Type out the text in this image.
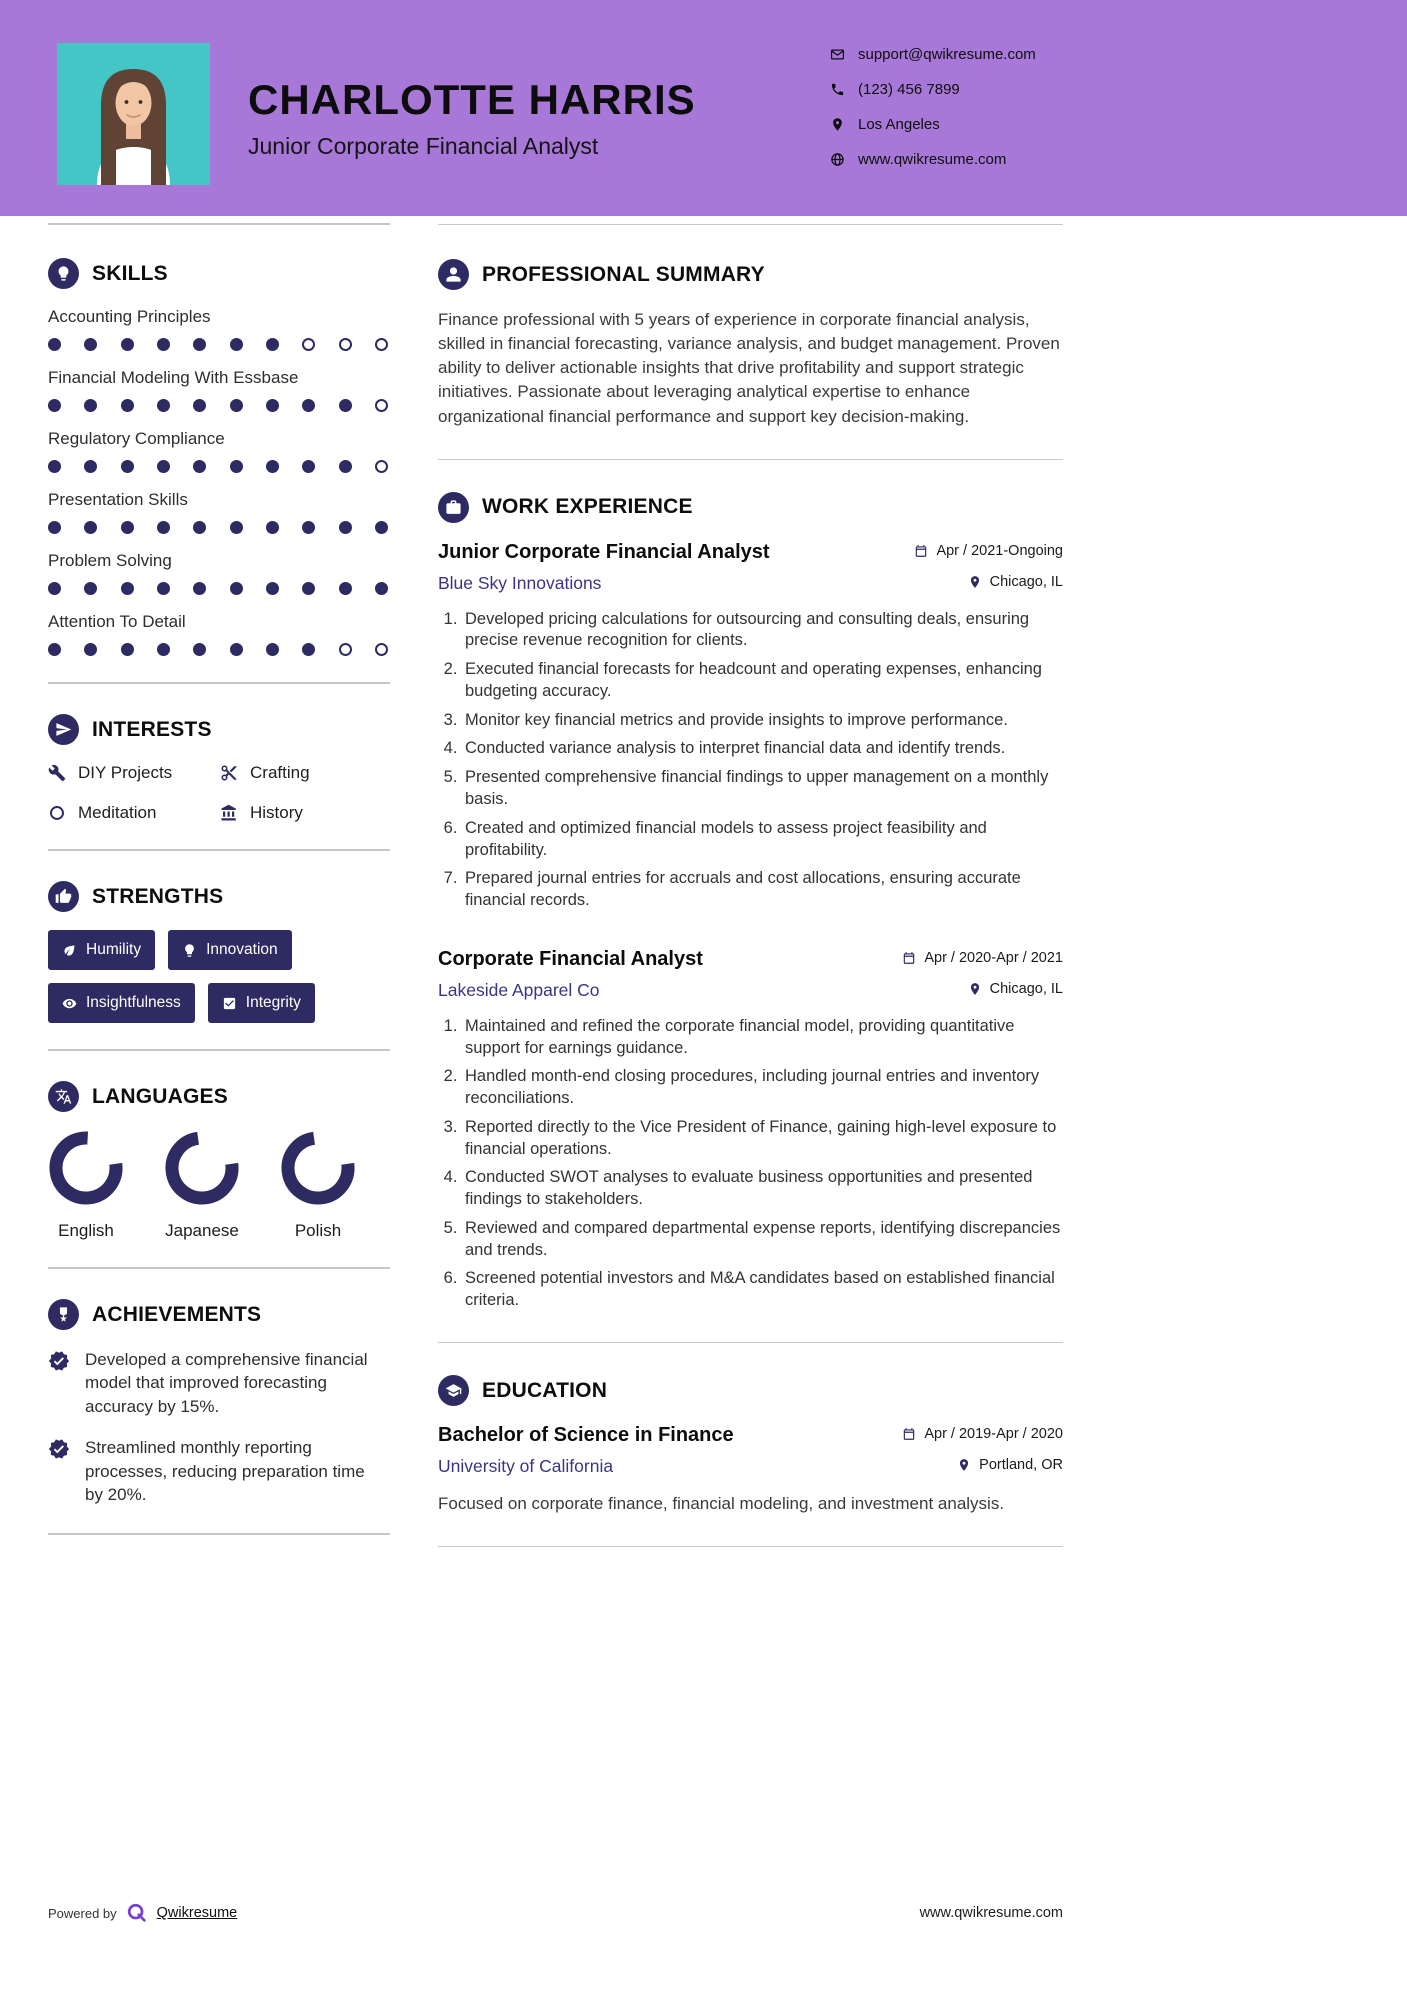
CHARLOTTE HARRIS
Junior Corporate Financial Analyst
support@qwikresume.com
(123) 456 7899
Los Angeles
www.qwikresume.com
SKILLS
Accounting Principles
Financial Modeling With Essbase
Regulatory Compliance
Presentation Skills
Problem Solving
Attention To Detail
INTERESTS
DIY Projects	Crafting
Meditation	History
STRENGTHS
Humility	Innovation
Insightfulness	Integrity
LANGUAGES
English	Japanese	Polish
ACHIEVEMENTS
Developed a comprehensive financial model that improved forecasting accuracy by 15%.
Streamlined monthly reporting processes, reducing preparation time by 20%.
PROFESSIONAL SUMMARY

Finance professional with 5 years of experience in corporate financial analysis, skilled in financial forecasting, variance analysis, and budget management. Proven ability to deliver actionable insights that drive profitability and support strategic initiatives. Passionate about leveraging analytical expertise to enhance organizational financial performance and support key decision-making.

WORK EXPERIENCE
Junior Corporate Financial Analyst	Apr / 2021-Ongoing
Blue Sky Innovations	Chicago, IL
1. Developed pricing calculations for outsourcing and consulting deals, ensuring precise revenue recognition for clients.
2. Executed financial forecasts for headcount and operating expenses, enhancing budgeting accuracy.
3. Monitor key financial metrics and provide insights to improve performance.
4. Conducted variance analysis to interpret financial data and identify trends.
5. Presented comprehensive financial findings to upper management on a monthly basis.
6. Created and optimized financial models to assess project feasibility and profitability.
7. Prepared journal entries for accruals and cost allocations, ensuring accurate financial records.
Corporate Financial Analyst	Apr / 2020-Apr / 2021
Lakeside Apparel Co	Chicago, IL
1. Maintained and refined the corporate financial model, providing quantitative support for earnings guidance.
2. Handled month-end closing procedures, including journal entries and inventory reconciliations.
3. Reported directly to the Vice President of Finance, gaining high-level exposure to financial operations.
4. Conducted SWOT analyses to evaluate business opportunities and presented findings to stakeholders.
5. Reviewed and compared departmental expense reports, identifying discrepancies and trends.
6. Screened potential investors and M&A candidates based on established financial criteria.
EDUCATION
Bachelor of Science in Finance	Apr / 2019-Apr / 2020
University of California	Portland, OR

Focused on corporate finance, financial modeling, and investment analysis.

Powered by	Qwikresume	www.qwikresume.com
